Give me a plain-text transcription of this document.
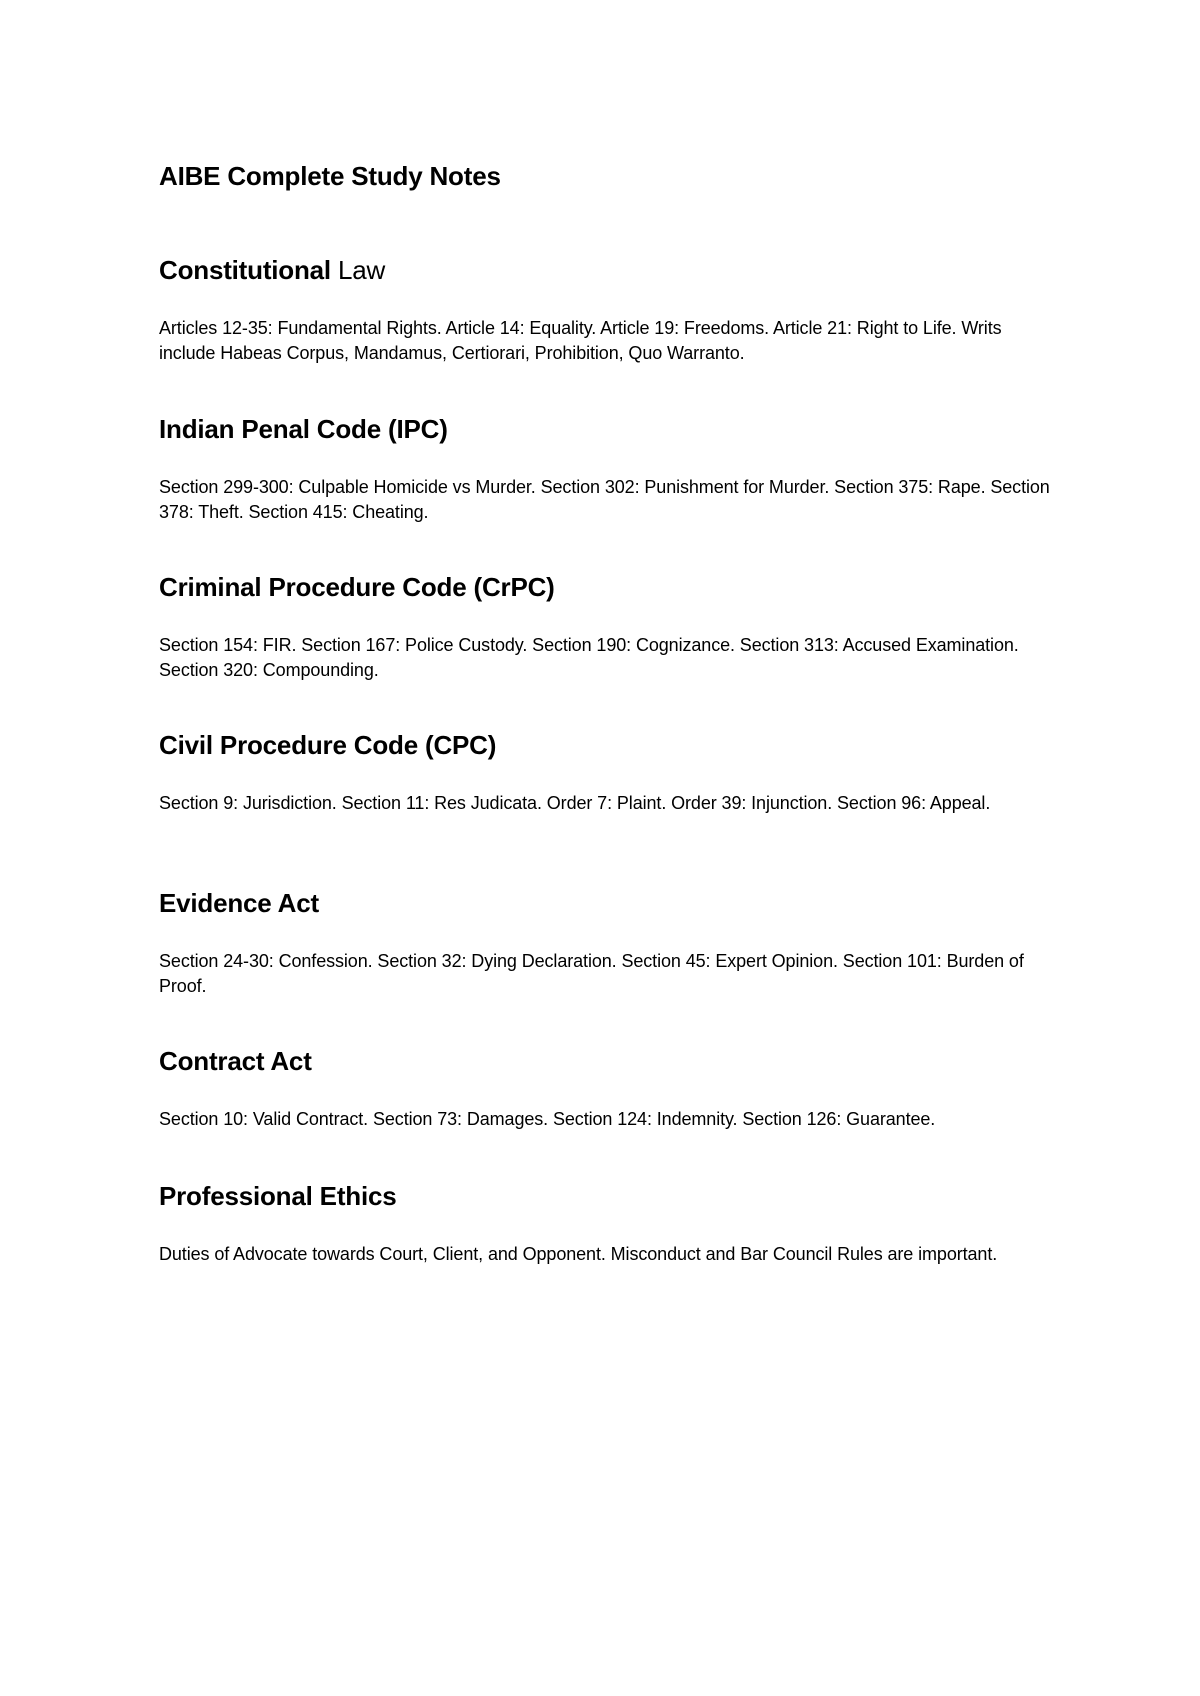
AIBE Complete Study Notes
Constitutional Law

Articles 12-35: Fundamental Rights. Article 14: Equality. Article 19: Freedoms. Article 21: Right to Life. Writs include Habeas Corpus, Mandamus, Certiorari, Prohibition, Quo Warranto.

Indian Penal Code (IPC)

Section 299-300: Culpable Homicide vs Murder. Section 302: Punishment for Murder. Section 375: Rape. Section 378: Theft. Section 415: Cheating.

Criminal Procedure Code (CrPC)

Section 154: FIR. Section 167: Police Custody. Section 190: Cognizance. Section 313: Accused Examination. Section 320: Compounding.

Civil Procedure Code (CPC)

Section 9: Jurisdiction. Section 11: Res Judicata. Order 7: Plaint. Order 39: Injunction. Section 96: Appeal.

Evidence Act

Section 24-30: Confession. Section 32: Dying Declaration. Section 45: Expert Opinion. Section 101: Burden of Proof.

Contract Act

Section 10: Valid Contract. Section 73: Damages. Section 124: Indemnity. Section 126: Guarantee.

Professional Ethics

Duties of Advocate towards Court, Client, and Opponent. Misconduct and Bar Council Rules are important.
